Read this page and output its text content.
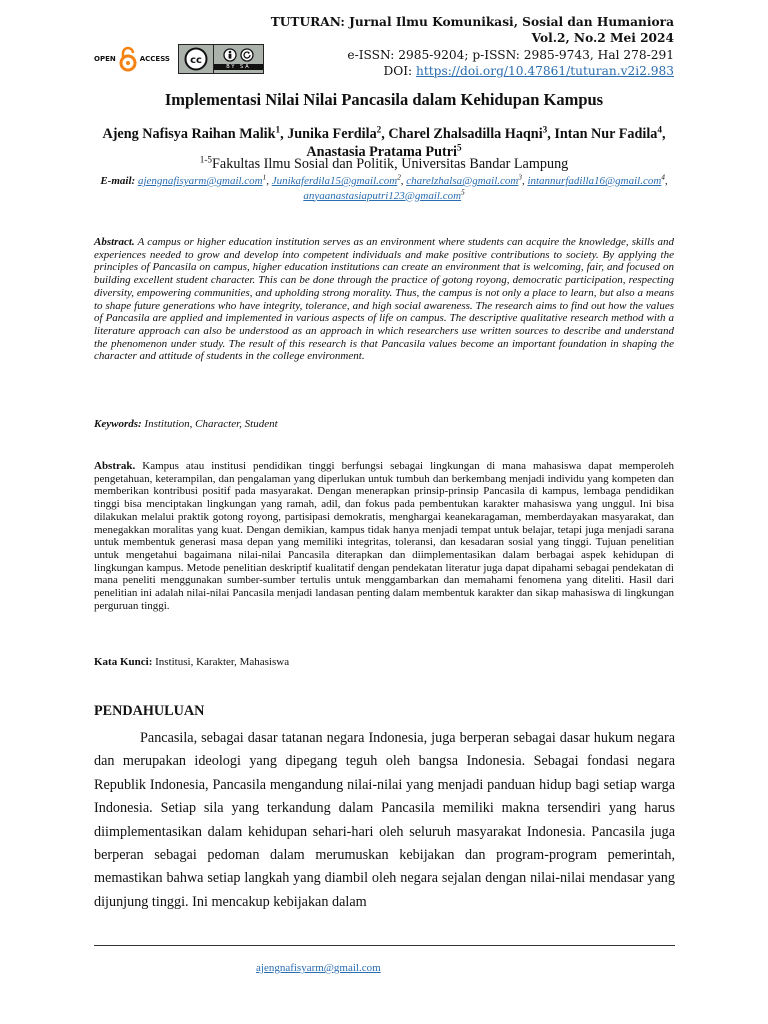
TUTURAN: Jurnal Ilmu Komunikasi, Sosial dan Humaniora
Vol.2, No.2 Mei 2024
e-ISSN: 2985-9204; p-ISSN: 2985-9743, Hal 278-291
DOI: https://doi.org/10.47861/tuturan.v2i2.983
OPEN	ACCESS cc
BY SA
Implementasi Nilai Nilai Pancasila dalam Kehidupan Kampus
Ajeng Nafisya Raihan Malik$^1$, Junika Ferdila$^2$, Charel Zhalsadilla Haqni$^3$, Intan Nur Fadila$^4$, Anastasia Pratama Putri$^5$
$^{1-5}$Fakultas Ilmu Sosial dan Politik, Universitas Bandar Lampung
E-mail: ajengnafisyarm@gmail.com$^1$, Junikaferdila15@gmail.com$^2$, charelzhalsa@gmail.com$^3$, intannurfadilla16@gmail.com$^4$, anyaanastasiaputri123@gmail.com$^5$
Abstract. A campus or higher education institution serves as an environment where students can acquire the knowledge, skills and experiences needed to grow and develop into competent individuals and make positive contributions to society. By applying the principles of Pancasila on campus, higher education institutions can create an environment that is welcoming, fair, and focused on building excellent student character. This can be done through the practice of gotong royong, democratic participation, respecting diversity, empowering communities, and upholding strong morality. Thus, the campus is not only a place to learn, but also a means to shape future generations who have integrity, tolerance, and high social awareness. The research aims to find out how the values of Pancasila are applied and implemented in various aspects of life on campus. The descriptive qualitative research method with a literature approach can also be understood as an approach in which researchers use written sources to describe and understand the phenomenon under study. The result of this research is that Pancasila values become an important foundation in shaping the character and attitude of students in the college environment.
Keywords: Institution, Character, Student
Abstrak. Kampus atau institusi pendidikan tinggi berfungsi sebagai lingkungan di mana mahasiswa dapat memperoleh pengetahuan, keterampilan, dan pengalaman yang diperlukan untuk tumbuh dan berkembang menjadi individu yang kompeten dan memberikan kontribusi positif pada masyarakat. Dengan menerapkan prinsip-prinsip Pancasila di kampus, lembaga pendidikan tinggi bisa menciptakan lingkungan yang ramah, adil, dan fokus pada pembentukan karakter mahasiswa yang unggul. Ini bisa dilakukan melalui praktik gotong royong, partisipasi demokratis, menghargai keanekaragaman, memberdayakan masyarakat, dan menegakkan moralitas yang kuat. Dengan demikian, kampus tidak hanya menjadi tempat untuk belajar, tetapi juga menjadi sarana untuk membentuk generasi masa depan yang memiliki integritas, toleransi, dan kesadaran sosial yang tinggi. Tujuan penelitian untuk mengetahui bagaimana nilai-nilai Pancasila diterapkan dan diimplementasikan dalam berbagai aspek kehidupan di lingkungan kampus. Metode penelitian deskriptif kualitatif dengan pendekatan literatur juga dapat dipahami sebagai pendekatan di mana peneliti menggunakan sumber-sumber tertulis untuk menggambarkan dan memahami fenomena yang diteliti. Hasil dari penelitian ini adalah nilai-nilai Pancasila menjadi landasan penting dalam membentuk karakter dan sikap mahasiswa di lingkungan perguruan tinggi.
Kata Kunci: Institusi, Karakter, Mahasiswa
PENDAHULUAN
Pancasila, sebagai dasar tatanan negara Indonesia, juga berperan sebagai dasar hukum negara dan merupakan ideologi yang dipegang teguh oleh bangsa Indonesia. Sebagai fondasi negara Republik Indonesia, Pancasila mengandung nilai-nilai yang menjadi panduan hidup bagi setiap warga Indonesia. Setiap sila yang terkandung dalam Pancasila memiliki makna tersendiri yang harus diimplementasikan dalam kehidupan sehari-hari oleh seluruh masyarakat Indonesia. Pancasila juga berperan sebagai pedoman dalam merumuskan kebijakan dan program-program pemerintah, memastikan bahwa setiap langkah yang diambil oleh negara sejalan dengan nilai-nilai mendasar yang dijunjung tinggi. Ini mencakup kebijakan dalam
ajengnafisyarm@gmail.com
